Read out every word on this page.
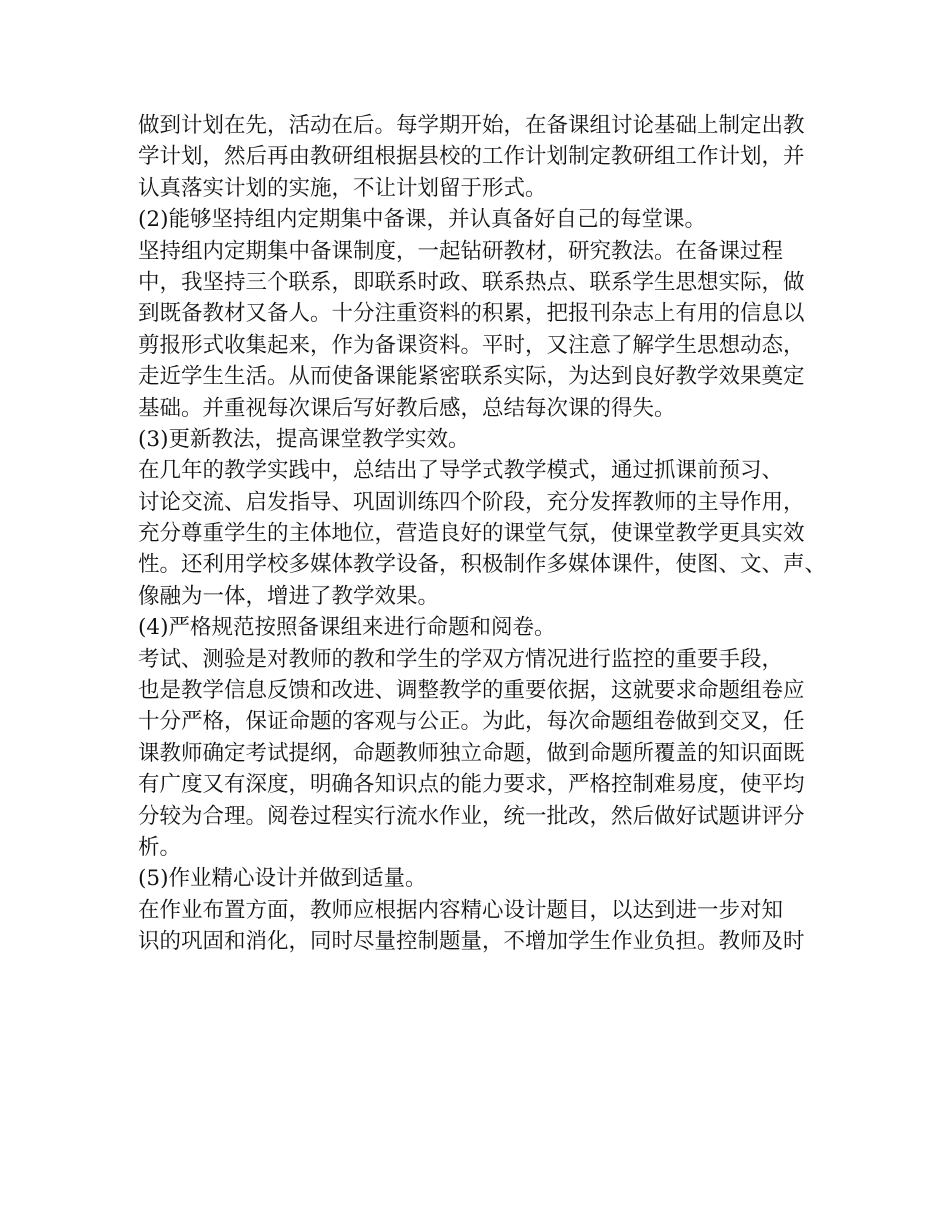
做到计划在先，活动在后。每学期开始，在备课组讨论基础上制定出教
学计划，然后再由教研组根据县校的工作计划制定教研组工作计划，并
认真落实计划的实施，不让计划留于形式。
(2)能够坚持组内定期集中备课，并认真备好自己的每堂课。
坚持组内定期集中备课制度，一起钻研教材，研究教法。在备课过程
中，我坚持三个联系，即联系时政、联系热点、联系学生思想实际，做
到既备教材又备人。十分注重资料的积累，把报刊杂志上有用的信息以
剪报形式收集起来，作为备课资料。平时，又注意了解学生思想动态，
走近学生生活。从而使备课能紧密联系实际，为达到良好教学效果奠定
基础。并重视每次课后写好教后感，总结每次课的得失。
(3)更新教法，提高课堂教学实效。
在几年的教学实践中，总结出了导学式教学模式，通过抓课前预习、
讨论交流、启发指导、巩固训练四个阶段，充分发挥教师的主导作用，
充分尊重学生的主体地位，营造良好的课堂气氛，使课堂教学更具实效
性。还利用学校多媒体教学设备，积极制作多媒体课件，使图、文、声、
像融为一体，增进了教学效果。
(4)严格规范按照备课组来进行命题和阅卷。
考试、测验是对教师的教和学生的学双方情况进行监控的重要手段，
也是教学信息反馈和改进、调整教学的重要依据，这就要求命题组卷应
十分严格，保证命题的客观与公正。为此，每次命题组卷做到交叉，任
课教师确定考试提纲，命题教师独立命题，做到命题所覆盖的知识面既
有广度又有深度，明确各知识点的能力要求，严格控制难易度，使平均
分较为合理。阅卷过程实行流水作业，统一批改，然后做好试题讲评分
析。
(5)作业精心设计并做到适量。
在作业布置方面，教师应根据内容精心设计题目，以达到进一步对知
识的巩固和消化，同时尽量控制题量，不增加学生作业负担。教师及时
